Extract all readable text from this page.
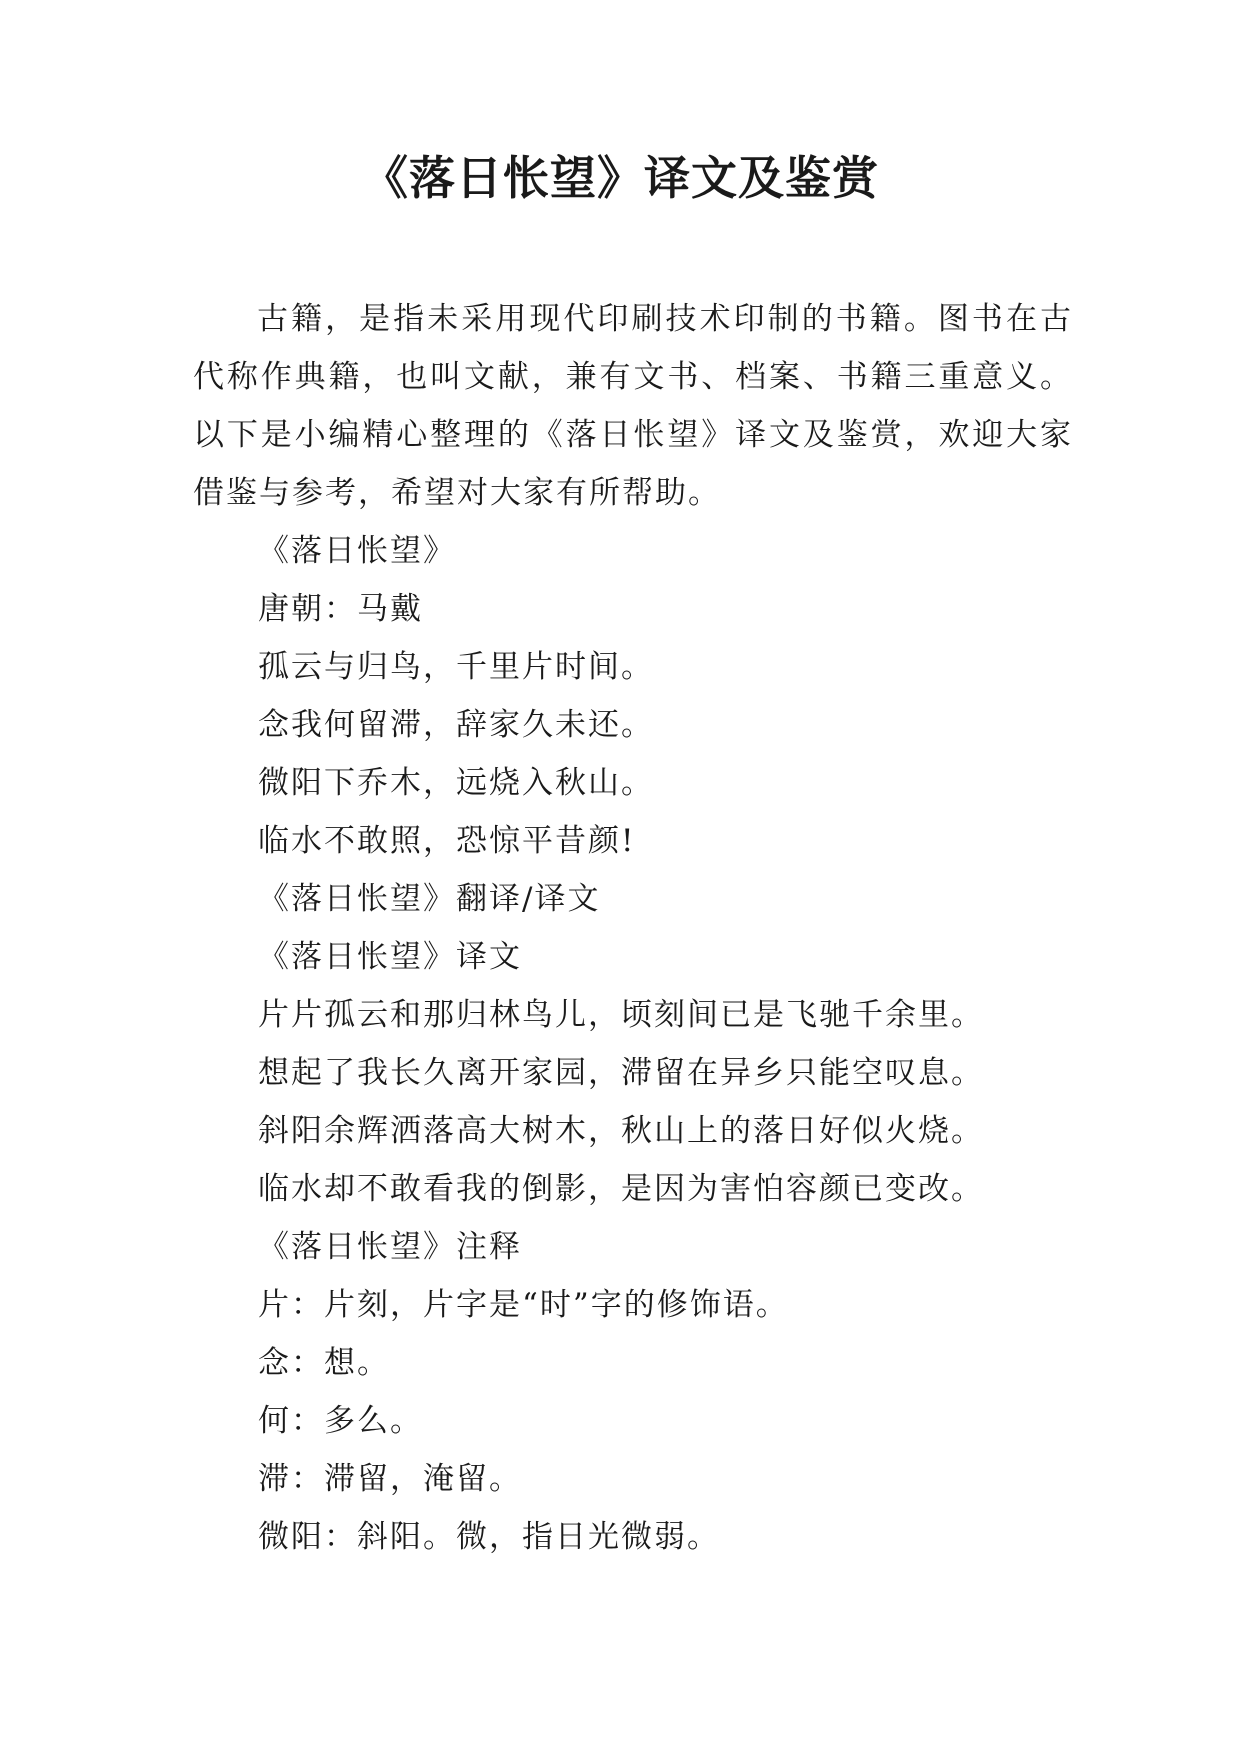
《落日怅望》译文及鉴赏

古籍，是指未采用现代印刷技术印制的书籍。图书在古代称作典籍，也叫文献，兼有文书、档案、书籍三重意义。以下是小编精心整理的《落日怅望》译文及鉴赏，欢迎大家借鉴与参考，希望对大家有所帮助。

《落日怅望》
唐朝：马戴
孤云与归鸟，千里片时间。
念我何留滞，辞家久未还。
微阳下乔木，远烧入秋山。
临水不敢照，恐惊平昔颜!
《落日怅望》翻译/译文
《落日怅望》译文
片片孤云和那归林鸟儿，顷刻间已是飞驰千余里。
想起了我长久离开家园，滞留在异乡只能空叹息。
斜阳余辉洒落高大树木，秋山上的落日好似火烧。
临水却不敢看我的倒影，是因为害怕容颜已变改。
《落日怅望》注释
片：片刻，片字是“时”字的修饰语。
念：想。
何：多么。
滞：滞留，淹留。
微阳：斜阳。微，指日光微弱。
